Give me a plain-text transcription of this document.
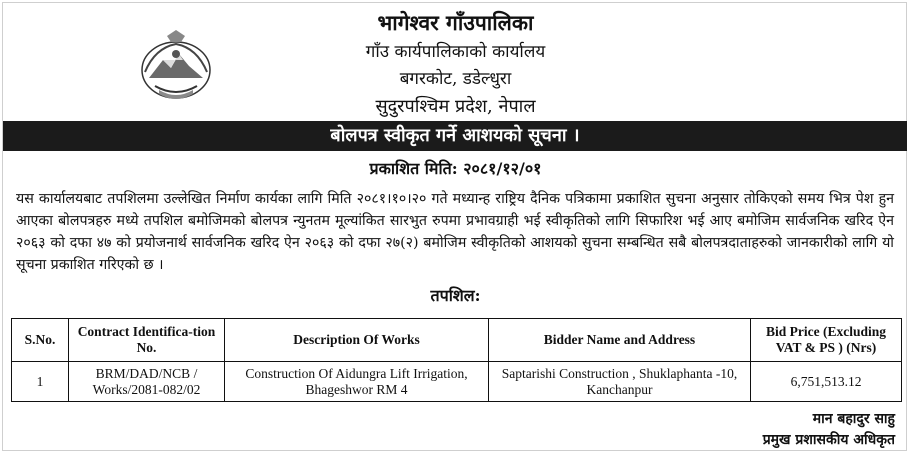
भागेश्वर गाँउपालिका
गाँउ कार्यपालिकाको कार्यालय
बगरकोट, डडेल्धुरा
सुदुरपश्चिम प्रदेश, नेपाल
बोलपत्र स्वीकृत गर्ने आशयको सूचना ।
प्रकाशित मिति: २०८१/१२/०१
यस कार्यालयबाट तपशिलमा उल्लेखित निर्माण कार्यका लागि मिति २०८१।१०।२० गते मध्यान्ह राष्ट्रिय दैनिक पत्रिकामा प्रकाशित सुचना अनुसार तोकिएको समय भित्र पेश हुन आएका बोलपत्रहरु मध्ये तपशिल बमोजिमको बोलपत्र न्युनतम मूल्यांकित सारभुत रुपमा प्रभावग्राही भई स्वीकृतिको लागि सिफारिश भई आए बमोजिम सार्वजनिक खरिद ऐन २०६३ को दफा ४७ को प्रयोजनार्थ सार्वजनिक खरिद ऐन २०६३ को दफा २७(२) बमोजिम स्वीकृतिको आशयको सुचना सम्बन्धित सबै बोलपत्रदाताहरुको जानकारीको लागि यो सूचना प्रकाशित गरिएको छ ।
तपशिल:
S.No.	Contract Identifica-tion No.	Description Of Works	Bidder Name and Address	Bid Price (Excluding VAT & PS ) (Nrs)
1	BRM/DAD/NCB / Works/2081-082/02	Construction Of Aidungra Lift Irrigation, Bhageshwor RM 4	Saptarishi Construction , Shuklaphanta -10, Kanchanpur	6,751,513.12
मान बहादुर साहु
प्रमुख प्रशासकीय अधिकृत
